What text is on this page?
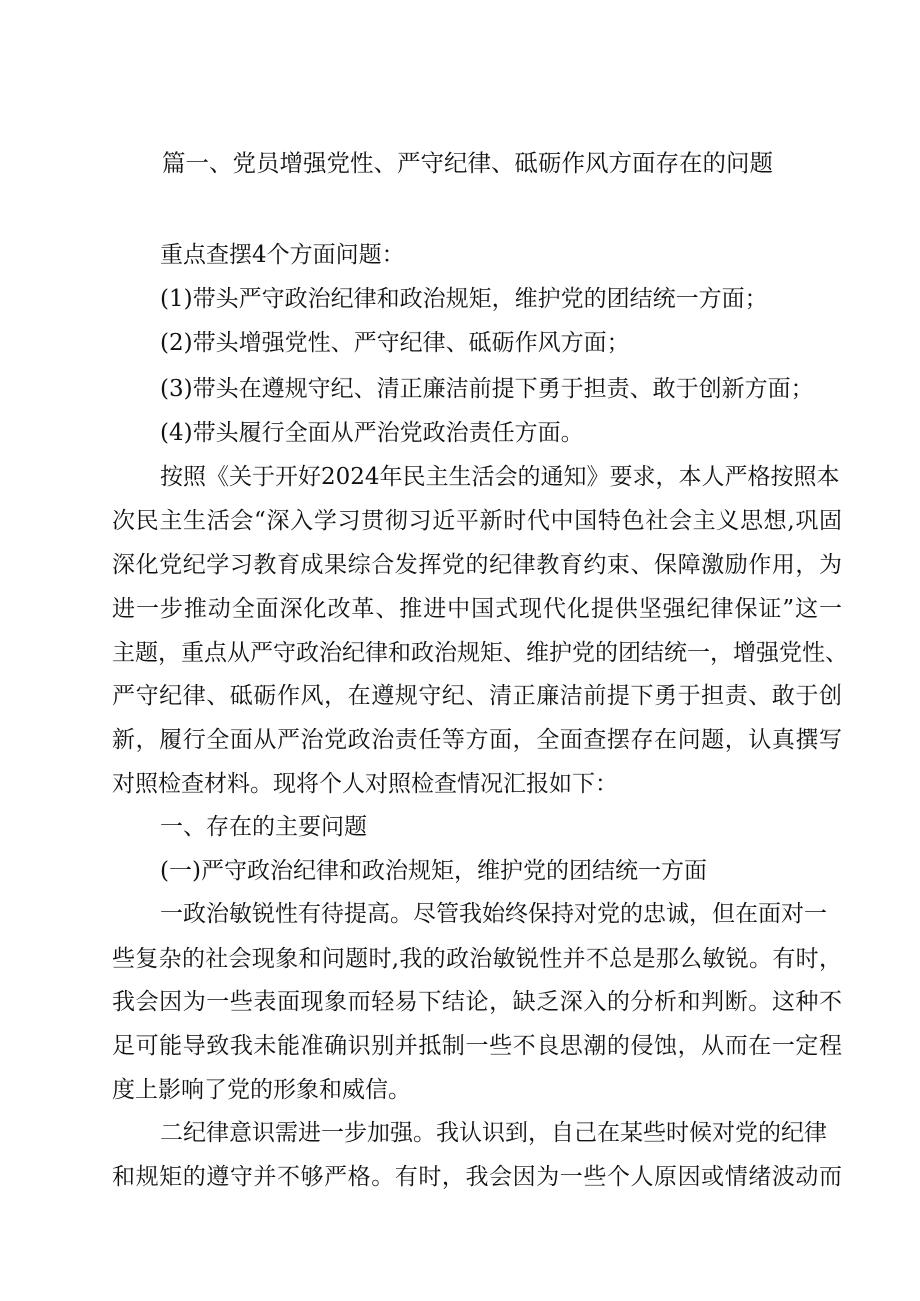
篇一、党员增强党性、严守纪律、砥砺作风方面存在的问题
重点查摆4个方面问题：
(1)带头严守政治纪律和政治规矩，维护党的团结统一方面；
(2)带头增强党性、严守纪律、砥砺作风方面；
(3)带头在遵规守纪、清正廉洁前提下勇于担责、敢于创新方面；
(4)带头履行全面从严治党政治责任方面。
按照《关于开好2024年民主生活会的通知》要求，本人严格按照本
次民主生活会“深入学习贯彻习近平新时代中国特色社会主义思想,巩固
深化党纪学习教育成果综合发挥党的纪律教育约束、保障激励作用，为
进一步推动全面深化改革、推进中国式现代化提供坚强纪律保证”这一
主题，重点从严守政治纪律和政治规矩、维护党的团结统一，增强党性、
严守纪律、砥砺作风，在遵规守纪、清正廉洁前提下勇于担责、敢于创
新，履行全面从严治党政治责任等方面，全面查摆存在问题，认真撰写
对照检查材料。现将个人对照检查情况汇报如下：
一、存在的主要问题
(一)严守政治纪律和政治规矩，维护党的团结统一方面
一政治敏锐性有待提高。尽管我始终保持对党的忠诚，但在面对一
些复杂的社会现象和问题时,我的政治敏锐性并不总是那么敏锐。有时，
我会因为一些表面现象而轻易下结论，缺乏深入的分析和判断。这种不
足可能导致我未能准确识别并抵制一些不良思潮的侵蚀，从而在一定程
度上影响了党的形象和威信。
二纪律意识需进一步加强。我认识到，自己在某些时候对党的纪律
和规矩的遵守并不够严格。有时，我会因为一些个人原因或情绪波动而
